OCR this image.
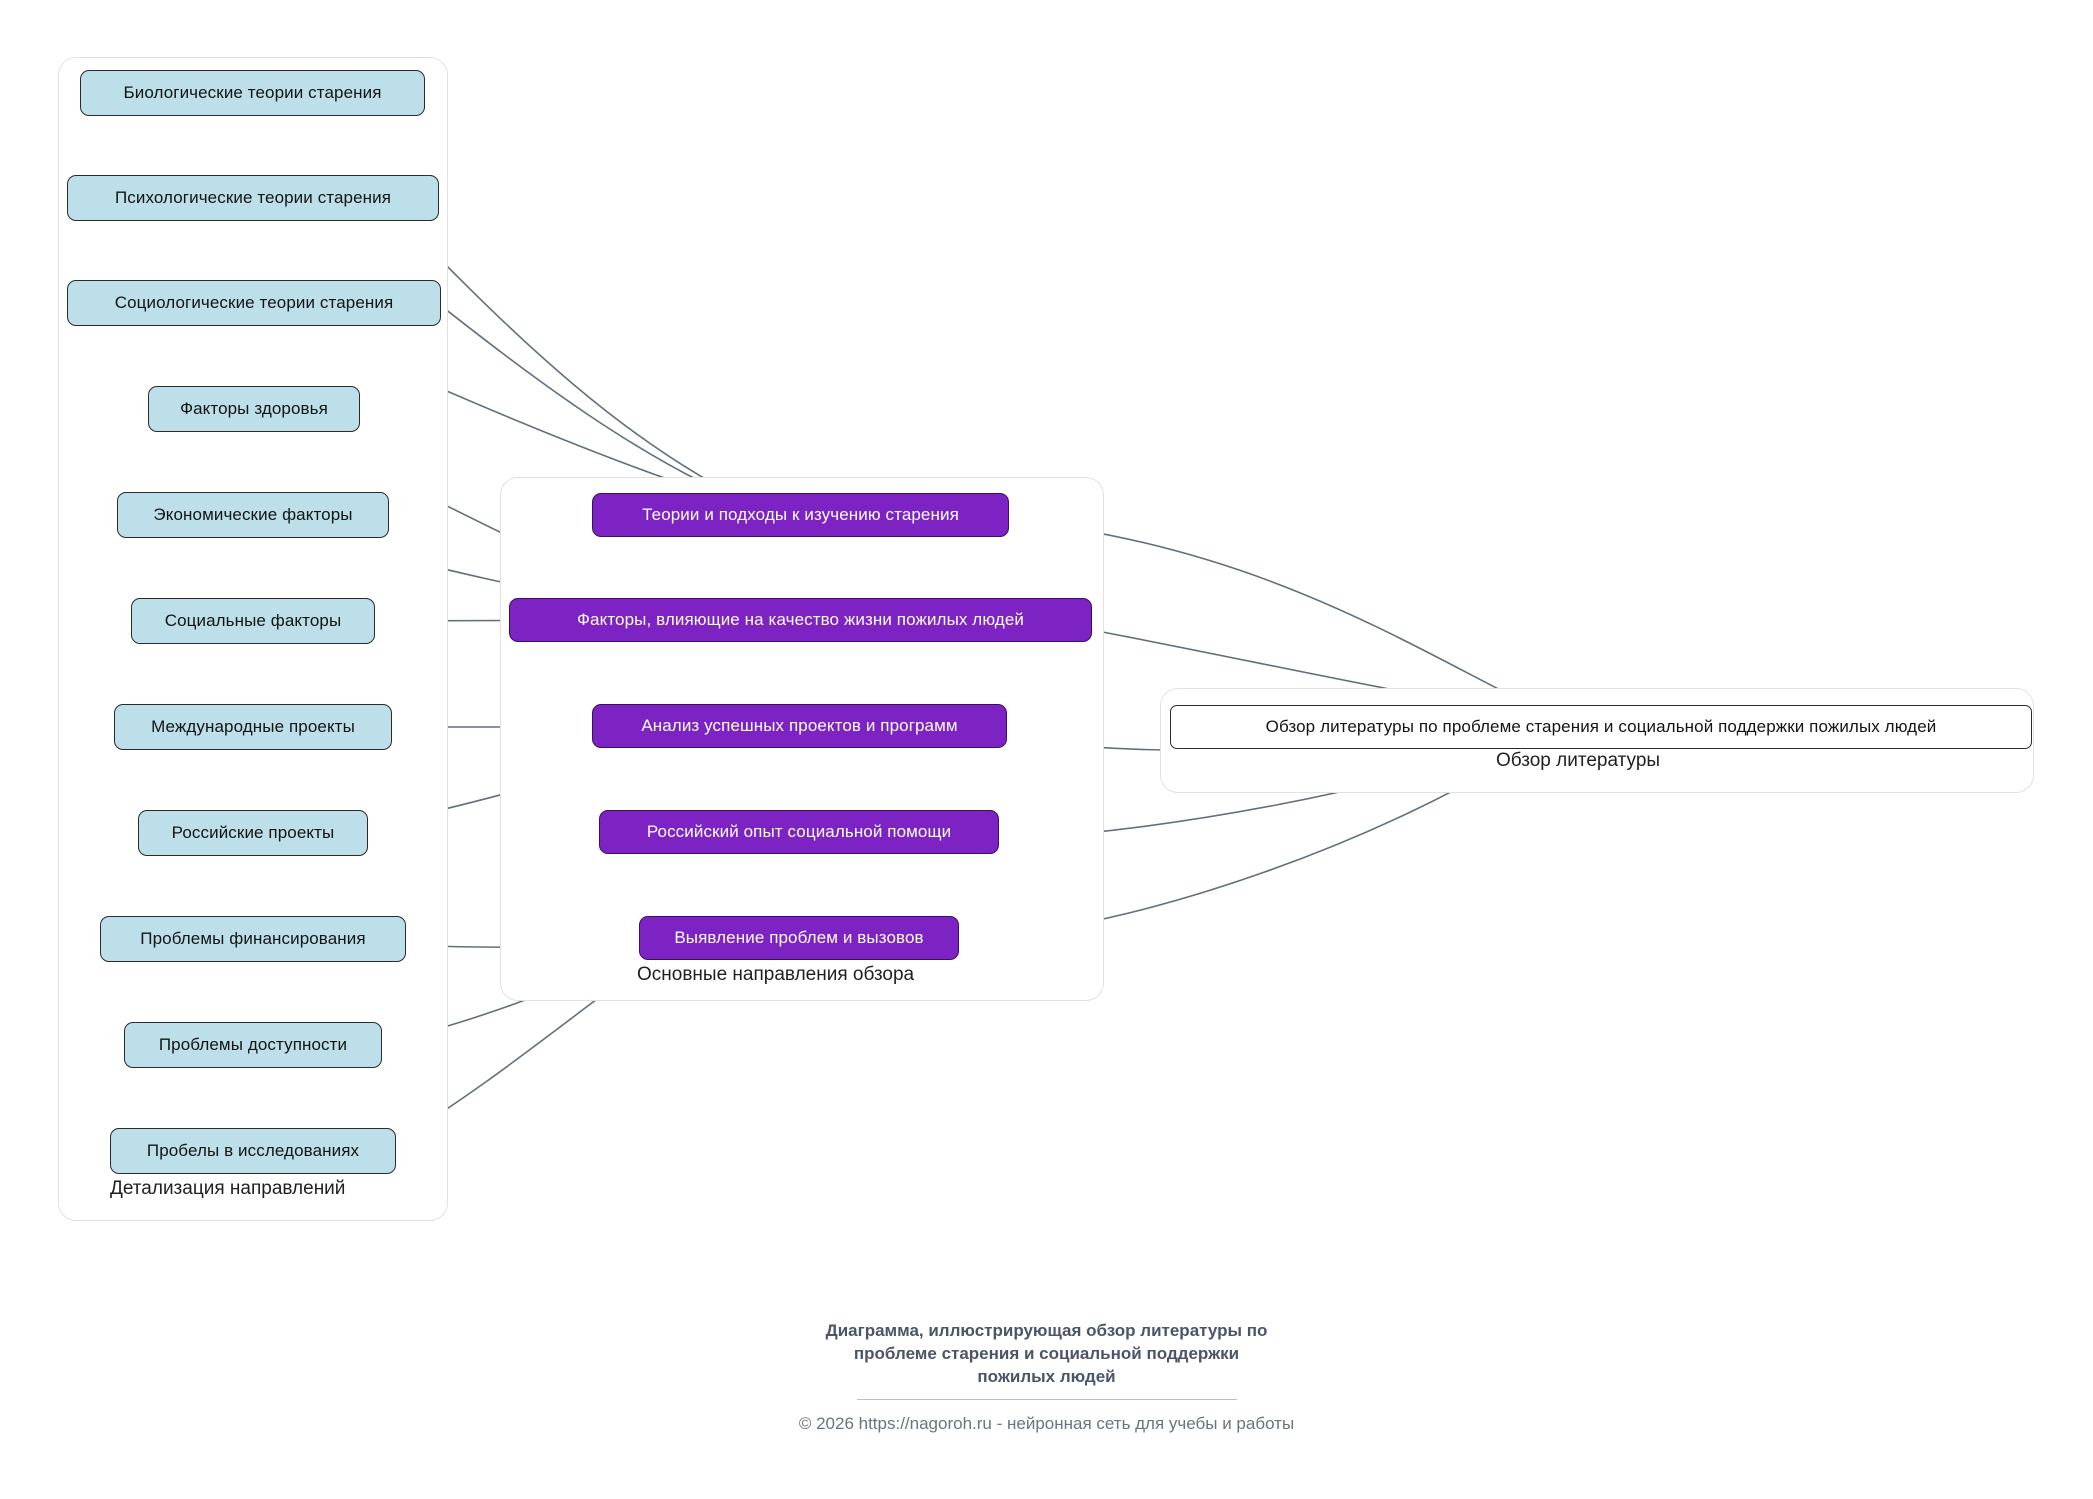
Детализация направлений
Основные направления обзора
Обзор литературы
Биологические теории старения
Психологические теории старения
Социологические теории старения
Факторы здоровья
Экономические факторы
Социальные факторы
Международные проекты
Российские проекты
Проблемы финансирования
Проблемы доступности
Пробелы в исследованиях
Теории и подходы к изучению старения
Факторы, влияющие на качество жизни пожилых людей
Анализ успешных проектов и программ
Российский опыт социальной помощи
Выявление проблем и вызовов
Обзор литературы по проблеме старения и социальной поддержки пожилых людей
Диаграмма, иллюстрирующая обзор литературы по
проблеме старения и социальной поддержки
пожилых людей
© 2026 https://nagoroh.ru - нейронная сеть для учебы и работы
